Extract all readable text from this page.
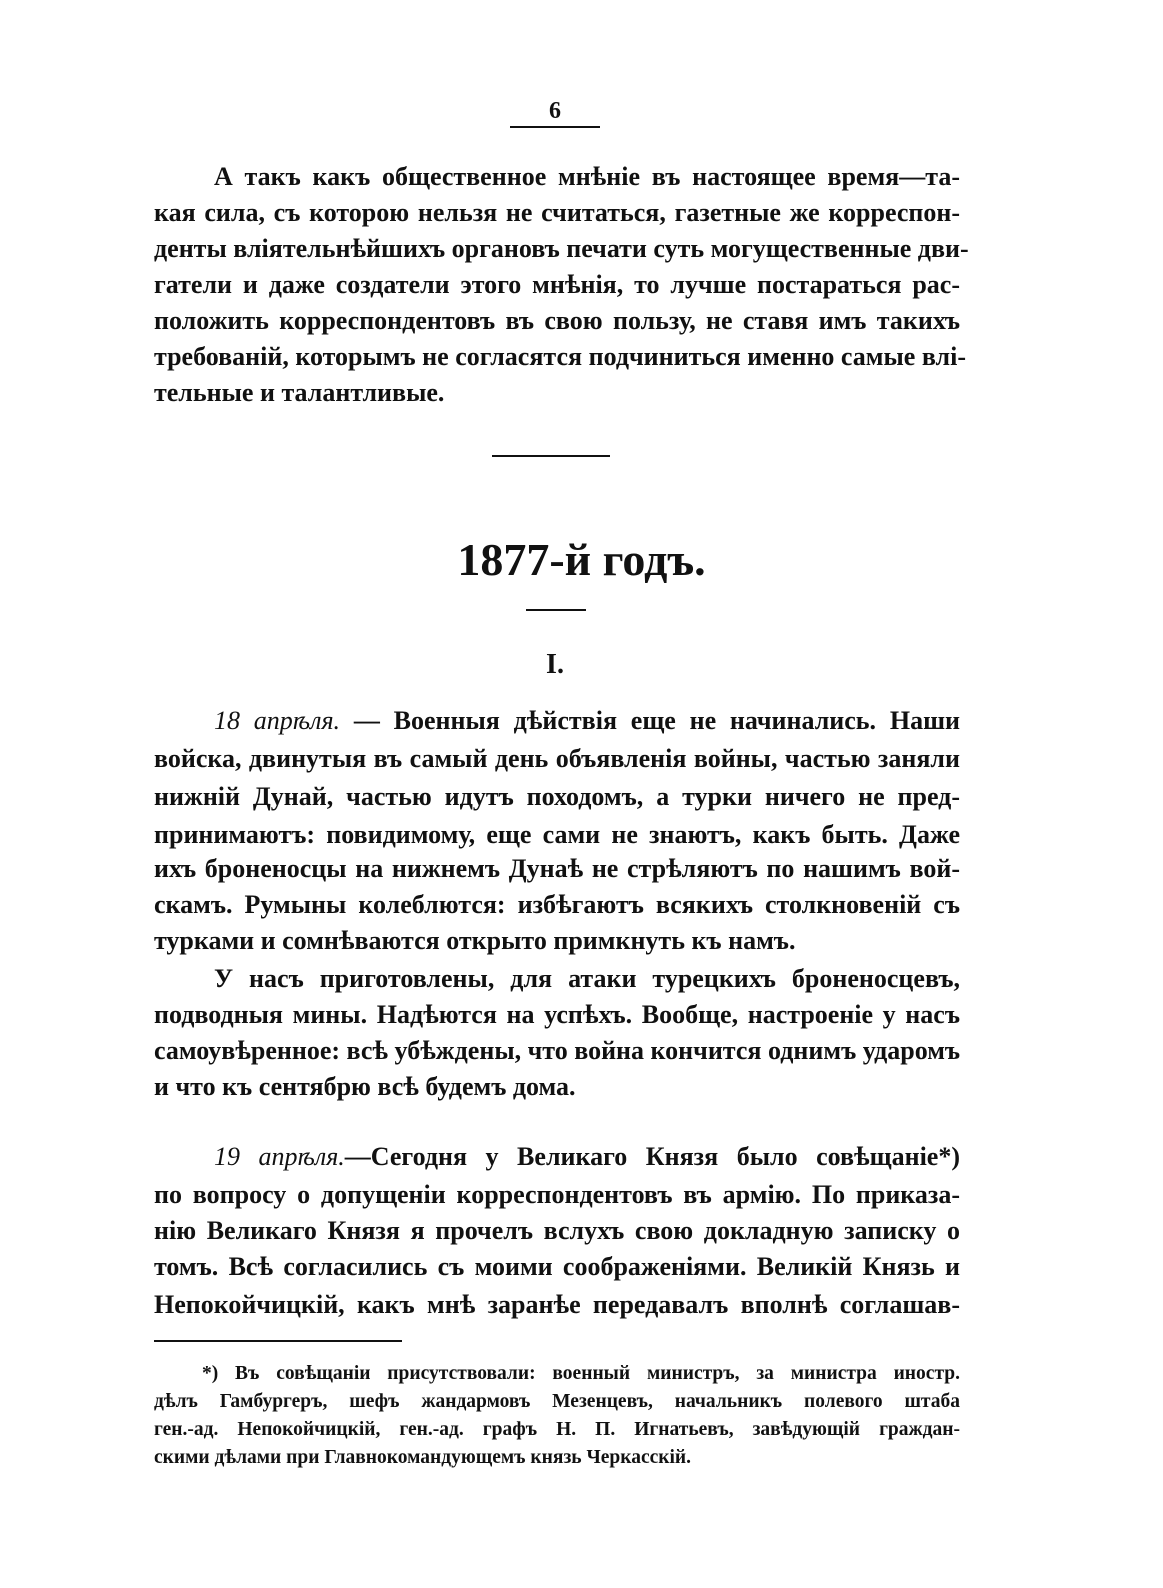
6
А такъ какъ общественное мнѣніе въ настоящее время—та-
кая сила, съ которою нельзя не считаться, газетные же корреспон-
денты вліятельнѣйшихъ органовъ печати суть могущественные дви-
гатели и даже создатели этого мнѣнія, то лучше постараться рас-
положить корреспондентовъ въ свою пользу, не ставя имъ такихъ
требованій, которымъ не согласятся подчиниться именно самые влі-
тельные и талантливые.
1877-й годъ.
I.
18 апрѣля. — Военныя дѣйствія еще не начинались. Наши
войска, двинутыя въ самый день объявленія войны, частью заняли
нижній Дунай, частью идутъ походомъ, а турки ничего не пред-
принимаютъ: повидимому, еще сами не знаютъ, какъ быть. Даже
ихъ броненосцы на нижнемъ Дунаѣ не стрѣляютъ по нашимъ вой-
скамъ. Румыны колеблются: избѣгаютъ всякихъ столкновеній съ
турками и сомнѣваются открыто примкнуть къ намъ.
У насъ приготовлены, для атаки турецкихъ броненосцевъ,
подводныя мины. Надѣются на успѣхъ. Вообще, настроеніе у насъ
самоувѣренное: всѣ убѣждены, что война кончится однимъ ударомъ
и что къ сентябрю всѣ будемъ дома.
19 апрѣля.—Сегодня у Великаго Князя было совѣщаніе*)
по вопросу о допущеніи корреспондентовъ въ армію. По приказа-
нію Великаго Князя я прочелъ вслухъ свою докладную записку о
томъ. Всѣ согласились съ моими соображеніями. Великій Князь и
Непокойчицкій, какъ мнѣ заранѣе передавалъ вполнѣ соглашав-
*) Въ совѣщаніи присутствовали: военный министръ, за министра иностр.
дѣлъ Гамбургеръ, шефъ жандармовъ Мезенцевъ, начальникъ полевого штаба
ген.-ад. Непокойчицкій, ген.-ад. графъ Н. П. Игнатьевъ, завѣдующій граждан-
скими дѣлами при Главнокомандующемъ князь Черкасскій.
